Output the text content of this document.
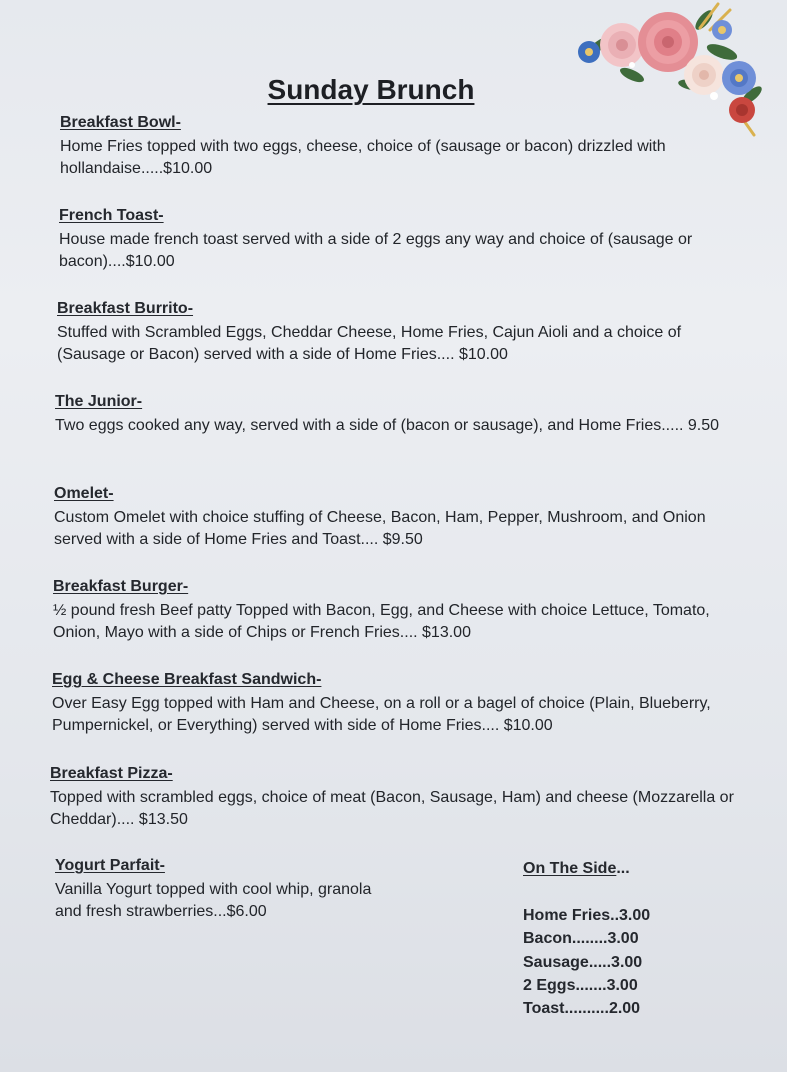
Sunday Brunch
Breakfast Bowl-
Home Fries topped with two eggs, cheese, choice of (sausage or bacon) drizzled with hollandaise.....$10.00
French Toast-
House made french toast served with a side of 2 eggs any way and choice of (sausage or bacon)....$10.00
Breakfast Burrito-
Stuffed with Scrambled Eggs, Cheddar Cheese, Home Fries, Cajun Aioli and a choice of (Sausage or Bacon) served with a side of Home Fries.... $10.00
The Junior-
Two eggs cooked any way, served with a side of (bacon or sausage), and Home Fries..... 9.50
Omelet-
Custom Omelet with choice stuffing of Cheese, Bacon, Ham, Pepper, Mushroom, and Onion served with a side of Home Fries and Toast.... $9.50
Breakfast Burger-
½ pound fresh Beef patty Topped with Bacon, Egg, and Cheese with choice Lettuce, Tomato, Onion, Mayo with a side of Chips or French Fries.... $13.00
Egg & Cheese Breakfast Sandwich-
Over Easy Egg topped with Ham and Cheese, on a roll or a bagel of choice (Plain, Blueberry, Pumpernickel, or Everything) served with side of Home Fries.... $10.00
Breakfast Pizza-
Topped with scrambled eggs, choice of meat (Bacon, Sausage, Ham) and cheese (Mozzarella or Cheddar).... $13.50
Yogurt Parfait-
Vanilla Yogurt topped with cool whip, granola and fresh strawberries...$6.00
On The Side...
Home Fries..3.00
Bacon........3.00
Sausage.....3.00
2 Eggs.......3.00
Toast..........2.00
